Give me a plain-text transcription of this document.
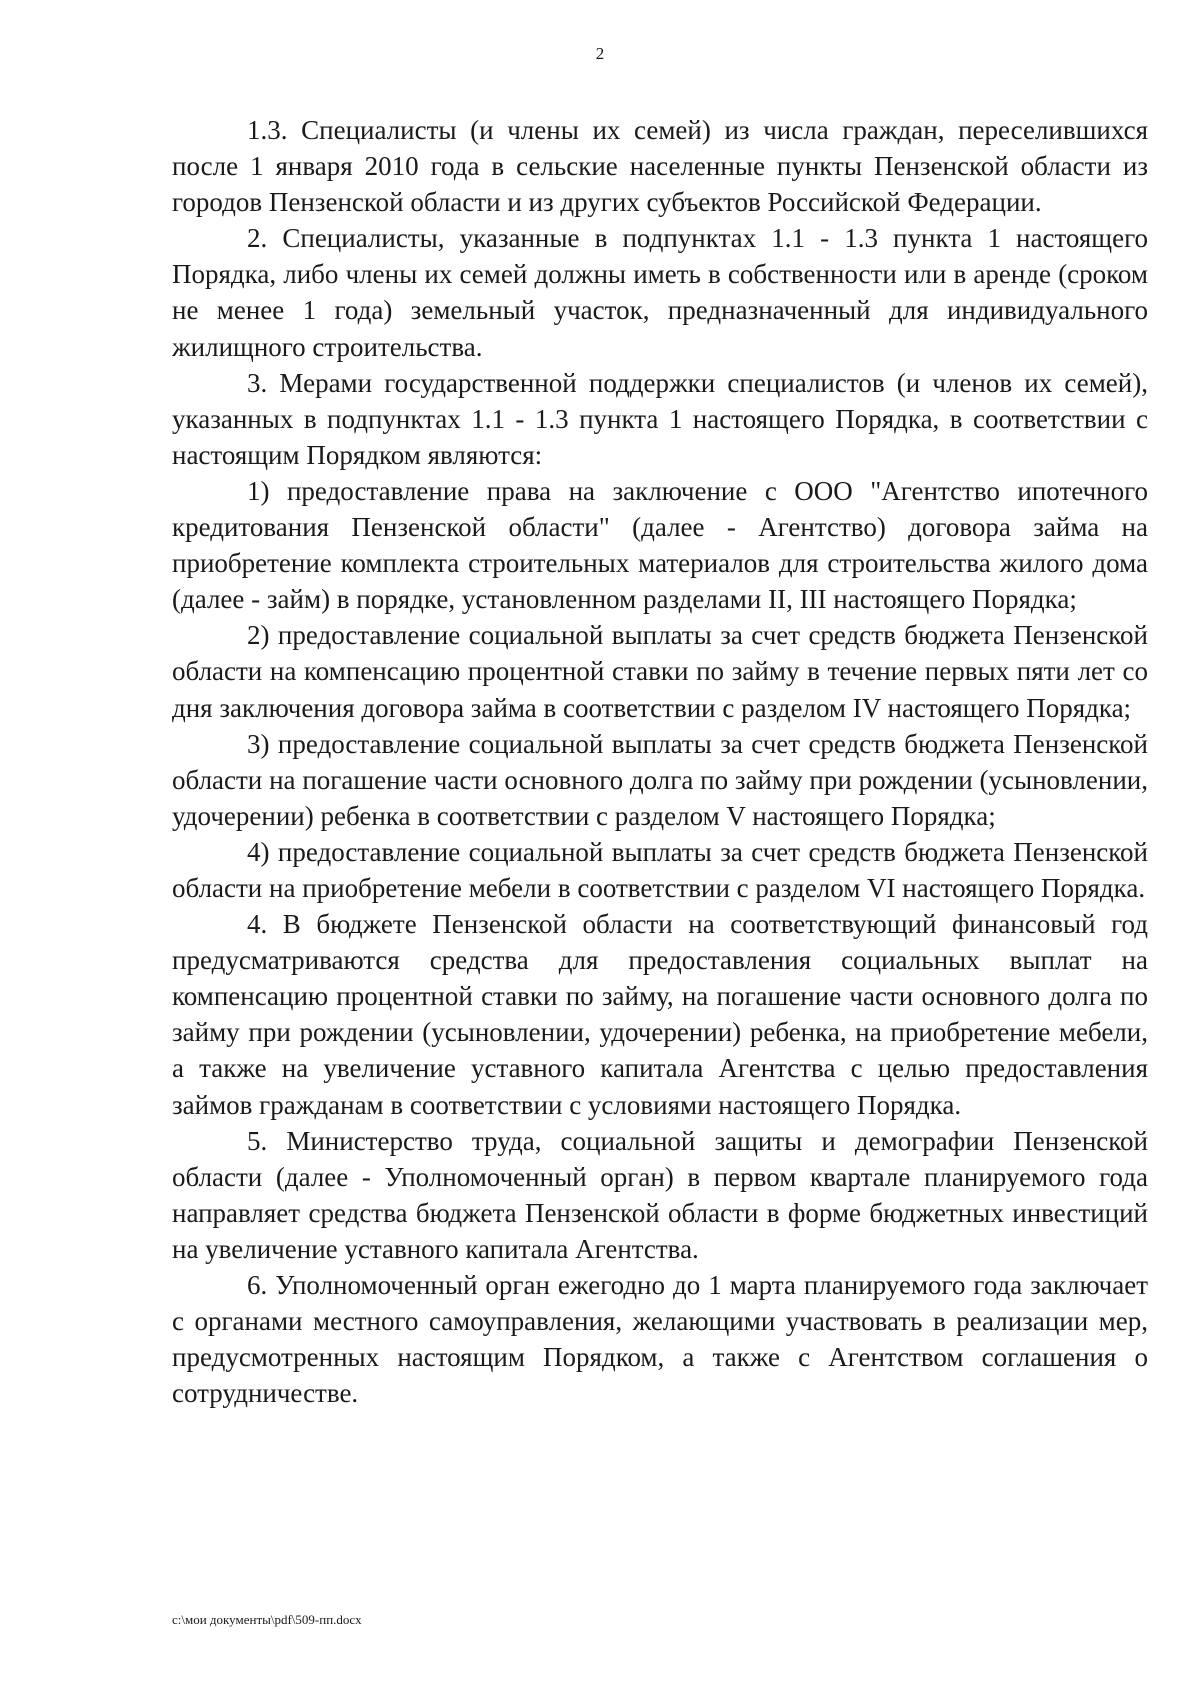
2

1.3. Специалисты (и члены их семей) из числа граждан, переселившихся после 1 января 2010 года в сельские населенные пункты Пензенской области из городов Пензенской области и из других субъектов Российской Федерации.

2. Специалисты, указанные в подпунктах 1.1 - 1.3 пункта 1 настоящего Порядка, либо члены их семей должны иметь в собственности или в аренде (сроком не менее 1 года) земельный участок, предназначенный для индивидуального жилищного строительства.

3. Мерами государственной поддержки специалистов (и членов их семей), указанных в подпунктах 1.1 - 1.3 пункта 1 настоящего Порядка, в соответствии с настоящим Порядком являются:

1) предоставление права на заключение с ООО "Агентство ипотечного кредитования Пензенской области" (далее - Агентство) договора займа на приобретение комплекта строительных материалов для строительства жилого дома (далее - займ) в порядке, установленном разделами II, III настоящего Порядка;

2) предоставление социальной выплаты за счет средств бюджета Пензенской области на компенсацию процентной ставки по займу в течение первых пяти лет со дня заключения договора займа в соответствии с разделом IV настоящего Порядка;

3) предоставление социальной выплаты за счет средств бюджета Пензенской области на погашение части основного долга по займу при рождении (усыновлении, удочерении) ребенка в соответствии с разделом V настоящего Порядка;

4) предоставление социальной выплаты за счет средств бюджета Пензенской области на приобретение мебели в соответствии с разделом VI настоящего Порядка.

4. В бюджете Пензенской области на соответствующий финансовый год предусматриваются средства для предоставления социальных выплат на компенсацию процентной ставки по займу, на погашение части основного долга по займу при рождении (усыновлении, удочерении) ребенка, на приобретение мебели, а также на увеличение уставного капитала Агентства с целью предоставления займов гражданам в соответствии с условиями настоящего Порядка.

5. Министерство труда, социальной защиты и демографии Пензенской области (далее - Уполномоченный орган) в первом квартале планируемого года направляет средства бюджета Пензенской области в форме бюджетных инвестиций на увеличение уставного капитала Агентства.

6. Уполномоченный орган ежегодно до 1 марта планируемого года заключает с органами местного самоуправления, желающими участвовать в реализации мер, предусмотренных настоящим Порядком, а также с Агентством соглашения о сотрудничестве.

c:\мои документы\pdf\509-пп.docx
